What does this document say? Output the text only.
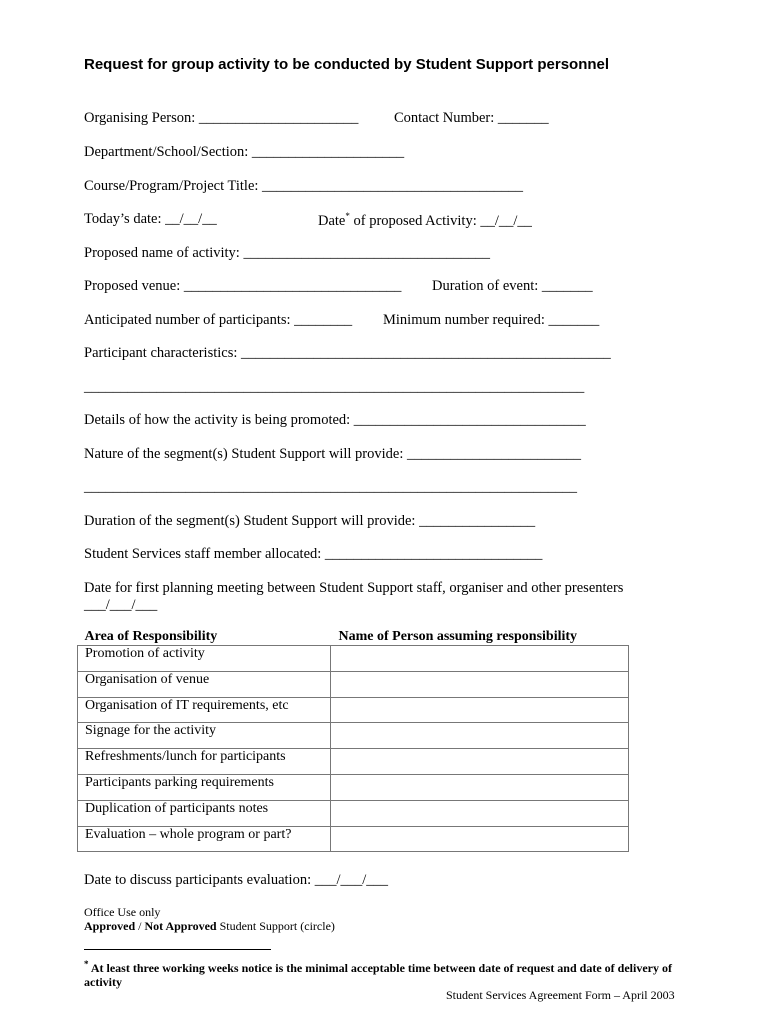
Request for group activity to be conducted by Student Support personnel
Organising Person: ______________________ Contact Number: _______
Department/School/Section: _____________________
Course/Program/Project Title: ____________________________________
Today’s date: __/__/__	Date* of proposed Activity: __/__/__
Proposed name of activity: __________________________________
Proposed venue: ______________________________ Duration of event: _______
Anticipated number of participants: ________ Minimum number required: _______
Participant characteristics: ___________________________________________________
_____________________________________________________________________
Details of how the activity is being promoted: ________________________________
Nature of the segment(s) Student Support will provide: ________________________
____________________________________________________________________
Duration of the segment(s) Student Support will provide: ________________
Student Services staff member allocated: ______________________________
Date for first planning meeting between Student Support staff, organiser and other presenters
___/___/___
Area of Responsibility	Name of Person assuming responsibility
Promotion of activity	
Organisation of venue	
Organisation of IT requirements, etc	
Signage for the activity	
Refreshments/lunch for participants	
Participants parking requirements	
Duplication of participants notes	
Evaluation – whole program or part?	
Date to discuss participants evaluation: ___/___/___
Office Use only
Approved / Not Approved Student Support (circle)
* At least three working weeks notice is the minimal acceptable time between date of request and date of delivery of activity
Student Services Agreement Form – April 2003
